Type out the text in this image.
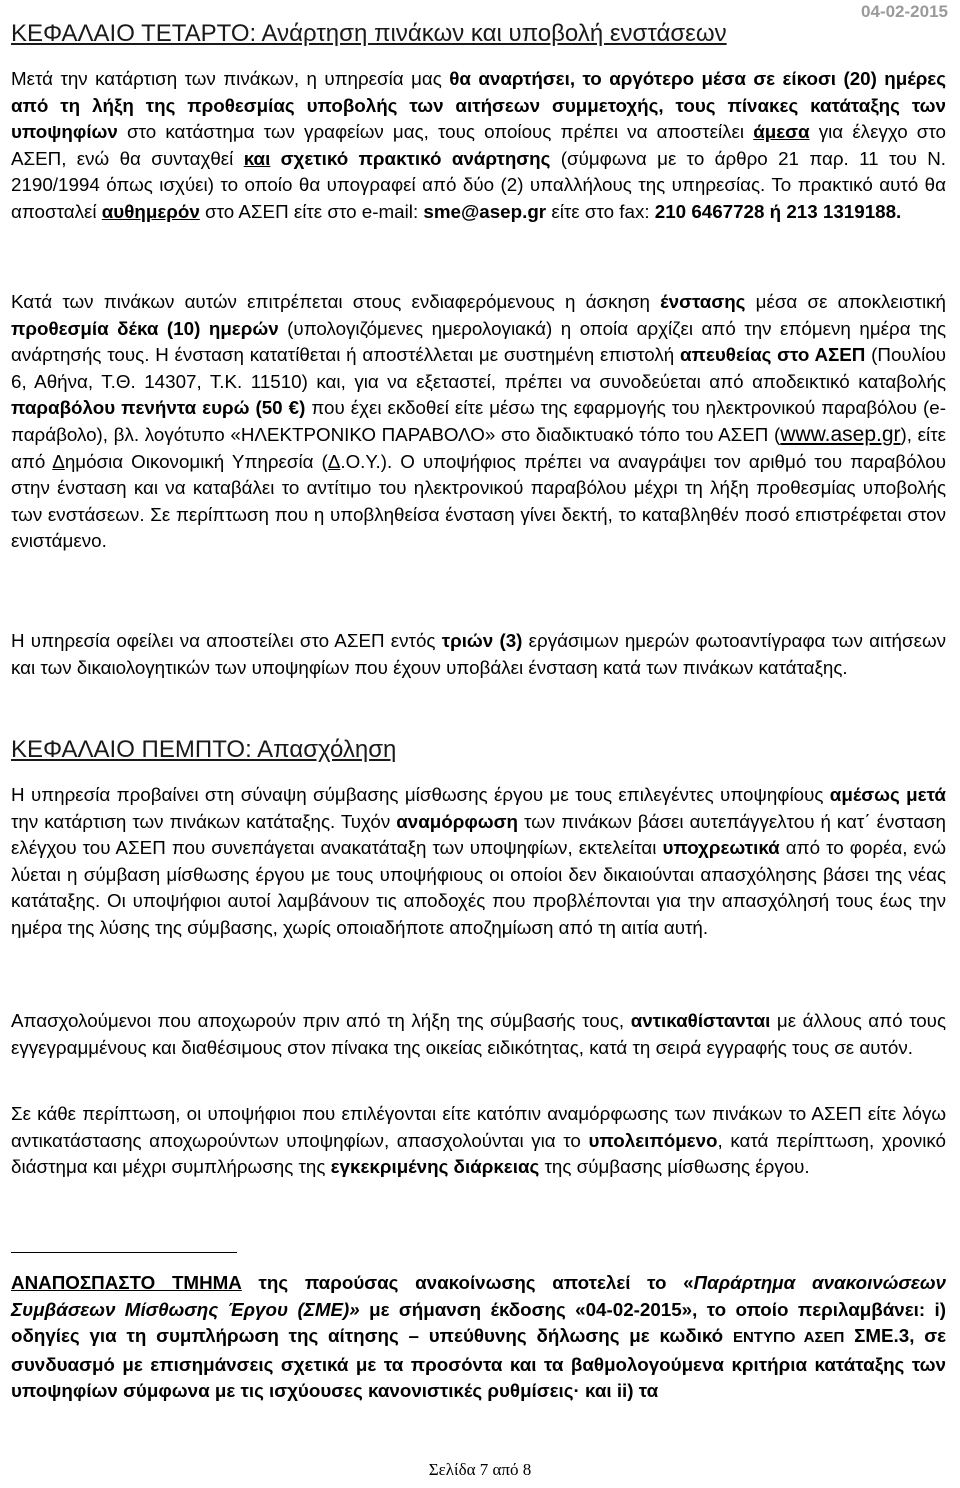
04-02-2015
ΚΕΦΑΛΑΙΟ ΤΕΤΑΡΤΟ: Ανάρτηση πινάκων και υποβολή ενστάσεων

Μετά την κατάρτιση των πινάκων, η υπηρεσία μας θα αναρτήσει, το αργότερο μέσα σε είκοσι (20) ημέρες από τη λήξη της προθεσμίας υποβολής των αιτήσεων συμμετοχής, τους πίνακες κατάταξης των υποψηφίων στο κατάστημα των γραφείων μας, τους οποίους πρέπει να αποστείλει άμεσα για έλεγχο στο ΑΣΕΠ, ενώ θα συνταχθεί και σχετικό πρακτικό ανάρτησης (σύμφωνα με το άρθρο 21 παρ. 11 του Ν. 2190/1994 όπως ισχύει) το οποίο θα υπογραφεί από δύο (2) υπαλλήλους της υπηρεσίας. Το πρακτικό αυτό θα αποσταλεί αυθημερόν στο ΑΣΕΠ είτε στο e-mail: sme@asep.gr είτε στο fax: 210 6467728 ή 213 1319188.

Κατά των πινάκων αυτών επιτρέπεται στους ενδιαφερόμενους η άσκηση ένστασης μέσα σε αποκλειστική προθεσμία δέκα (10) ημερών (υπολογιζόμενες ημερολογιακά) η οποία αρχίζει από την επόμενη ημέρα της ανάρτησής τους. Η ένσταση κατατίθεται ή αποστέλλεται με συστημένη επιστολή απευθείας στο ΑΣΕΠ (Πουλίου 6, Αθήνα, Τ.Θ. 14307, Τ.Κ. 11510) και, για να εξεταστεί, πρέπει να συνοδεύεται από αποδεικτικό καταβολής παραβόλου πενήντα ευρώ (50 €) που έχει εκδοθεί είτε μέσω της εφαρμογής του ηλεκτρονικού παραβόλου (e-παράβολο), βλ. λογότυπο «ΗΛΕΚΤΡΟΝΙΚΟ ΠΑΡΑΒΟΛΟ» στο διαδικτυακό τόπο του ΑΣΕΠ (www.asep.gr), είτε από Δημόσια Οικονομική Υπηρεσία (Δ.Ο.Υ.). Ο υποψήφιος πρέπει να αναγράψει τον αριθμό του παραβόλου στην ένσταση και να καταβάλει το αντίτιμο του ηλεκτρονικού παραβόλου μέχρι τη λήξη προθεσμίας υποβολής των ενστάσεων. Σε περίπτωση που η υποβληθείσα ένσταση γίνει δεκτή, το καταβληθέν ποσό επιστρέφεται στον ενιστάμενο.

Η υπηρεσία οφείλει να αποστείλει στο ΑΣΕΠ εντός τριών (3) εργάσιμων ημερών φωτοαντίγραφα των αιτήσεων και των δικαιολογητικών των υποψηφίων που έχουν υποβάλει ένσταση κατά των πινάκων κατάταξης.

ΚΕΦΑΛΑΙΟ ΠΕΜΠΤΟ: Απασχόληση

Η υπηρεσία προβαίνει στη σύναψη σύμβασης μίσθωσης έργου με τους επιλεγέντες υποψηφίους αμέσως μετά την κατάρτιση των πινάκων κατάταξης. Τυχόν αναμόρφωση των πινάκων βάσει αυτεπάγγελτου ή κατ΄ ένσταση ελέγχου του ΑΣΕΠ που συνεπάγεται ανακατάταξη των υποψηφίων, εκτελείται υποχρεωτικά από το φορέα, ενώ λύεται η σύμβαση μίσθωσης έργου με τους υποψήφιους οι οποίοι δεν δικαιούνται απασχόλησης βάσει της νέας κατάταξης. Οι υποψήφιοι αυτοί λαμβάνουν τις αποδοχές που προβλέπονται για την απασχόλησή τους έως την ημέρα της λύσης της σύμβασης, χωρίς οποιαδήποτε αποζημίωση από τη αιτία αυτή.

Απασχολούμενοι που αποχωρούν πριν από τη λήξη της σύμβασής τους, αντικαθίστανται με άλλους από τους εγγεγραμμένους και διαθέσιμους στον πίνακα της οικείας ειδικότητας, κατά τη σειρά εγγραφής τους σε αυτόν.

Σε κάθε περίπτωση, οι υποψήφιοι που επιλέγονται είτε κατόπιν αναμόρφωσης των πινάκων το ΑΣΕΠ είτε λόγω αντικατάστασης αποχωρούντων υποψηφίων, απασχολούνται για το υπολειπόμενο, κατά περίπτωση, χρονικό διάστημα και μέχρι συμπλήρωσης της εγκεκριμένης διάρκειας της σύμβασης μίσθωσης έργου.

ΑΝΑΠΟΣΠΑΣΤΟ ΤΜΗΜΑ της παρούσας ανακοίνωσης αποτελεί το «Παράρτημα ανακοινώσεων Συμβάσεων Μίσθωσης Έργου (ΣΜΕ)» με σήμανση έκδοσης «04-02-2015», το οποίο περιλαμβάνει: i) οδηγίες για τη συμπλήρωση της αίτησης – υπεύθυνης δήλωσης με κωδικό ΕΝΤΥΠΟ ΑΣΕΠ ΣΜΕ.3, σε συνδυασμό με επισημάνσεις σχετικά με τα προσόντα και τα βαθμολογούμενα κριτήρια κατάταξης των υποψηφίων σύμφωνα με τις ισχύουσες κανονιστικές ρυθμίσεις· και ii) τα

Σελίδα 7 από 8
